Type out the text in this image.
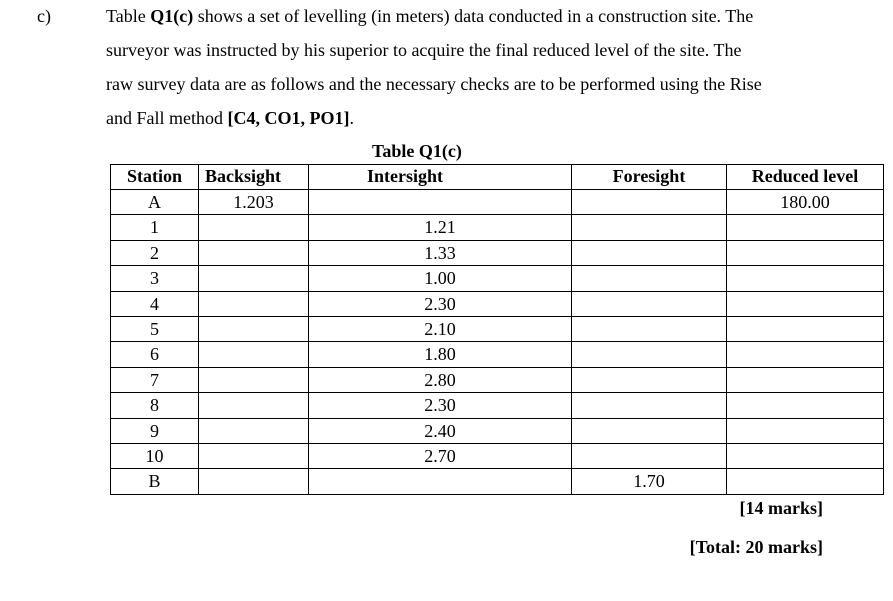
c)	Table Q1(c) shows a set of levelling (in meters) data conducted in a construction site. The
surveyor was instructed by his superior to acquire the final reduced level of the site. The
raw survey data are as follows and the necessary checks are to be performed using the Rise
and Fall method [C4, CO1, PO1].
Table Q1(c)
Station	Backsight	Intersight	Foresight	Reduced level
A	1.203			180.00
1		1.21		
2		1.33		
3		1.00		
4		2.30		
5		2.10		
6		1.80		
7		2.80		
8		2.30		
9		2.40		
10		2.70		
B			1.70	
[14 marks]
[Total: 20 marks]
